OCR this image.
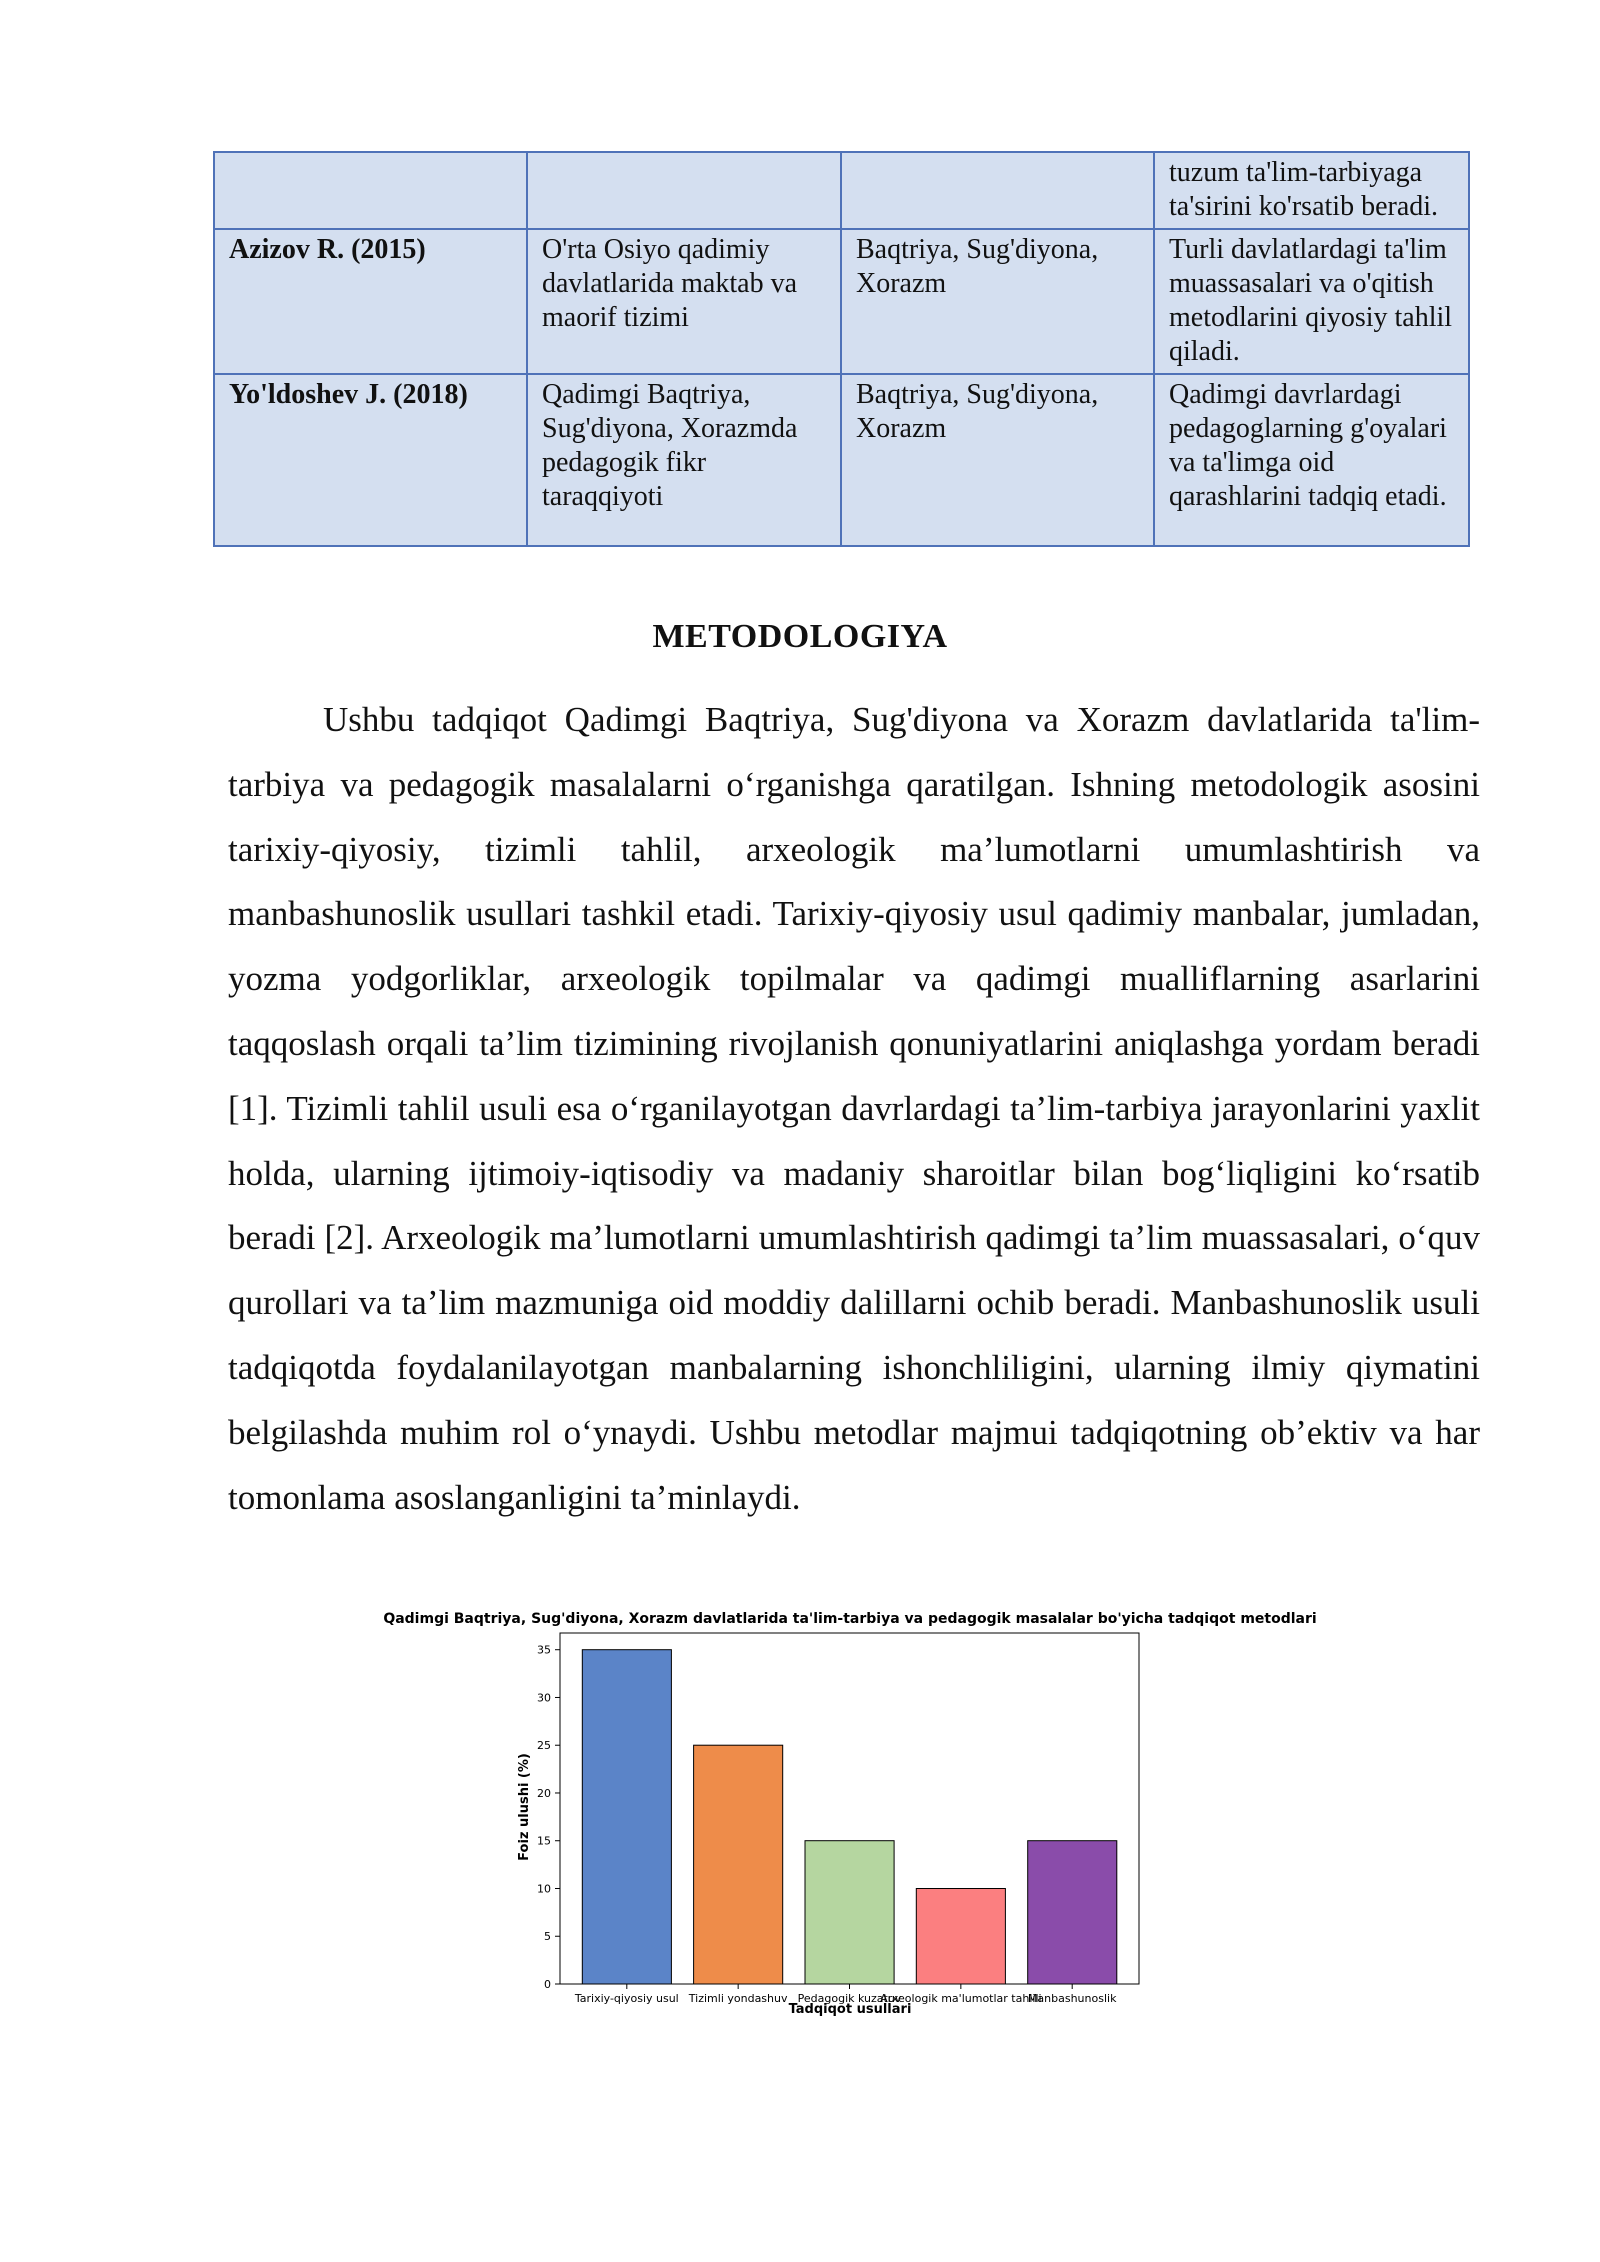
			tuzum ta'lim-tarbiyaga ta'sirini ko'rsatib beradi.
Azizov R. (2015)	O'rta Osiyo qadimiy davlatlarida maktab va maorif tizimi	Baqtriya, Sug'diyona, Xorazm	Turli davlatlardagi ta'lim muassasalari va o'qitish metodlarini qiyosiy tahlil qiladi.
Yo'ldoshev J. (2018)	Qadimgi Baqtriya, Sug'diyona, Xorazmda pedagogik fikr taraqqiyoti	Baqtriya, Sug'diyona, Xorazm	Qadimgi davrlardagi pedagoglarning g'oyalari va ta'limga oid qarashlarini tadqiq etadi.
METODOLOGIYA

Ushbu tadqiqot Qadimgi Baqtriya, Sug'diyona va Xorazm davlatlarida ta'lim-tarbiya va pedagogik masalalarni o‘rganishga qaratilgan. Ishning metodologik asosini tarixiy-qiyosiy, tizimli tahlil, arxeologik ma’lumotlarni umumlashtirish va manbashunoslik usullari tashkil etadi. Tarixiy-qiyosiy usul qadimiy manbalar, jumladan, yozma yodgorliklar, arxeologik topilmalar va qadimgi mualliflarning asarlarini taqqoslash orqali ta’lim tizimining rivojlanish qonuniyatlarini aniqlashga yordam beradi [1]. Tizimli tahlil usuli esa o‘rganilayotgan davrlardagi ta’lim-tarbiya jarayonlarini yaxlit holda, ularning ijtimoiy-iqtisodiy va madaniy sharoitlar bilan bog‘liqligini ko‘rsatib beradi [2]. Arxeologik ma’lumotlarni umumlashtirish qadimgi ta’lim muassasalari, o‘quv qurollari va ta’lim mazmuniga oid moddiy dalillarni ochib beradi. Manbashunoslik usuli tadqiqotda foydalanilayotgan manbalarning ishonchliligini, ularning ilmiy qiymatini belgilashda muhim rol o‘ynaydi. Ushbu metodlar majmui tadqiqotning ob’ektiv va har tomonlama asoslanganligini ta’minlaydi.

Qadimgi Baqtriya, Sug'diyona, Xorazm davlatlarida ta'lim-tarbiya va pedagogik masalalar bo'yicha tadqiqot metodlari
Foiz ulushi (%)
Tadqiqot usullari
Tarixiy-qiyosiy usul Tizimli yondashuv Pedagogik kuzatuv
Arxeologik ma'lumotlar tahlili
Manbashunoslik
0
5
10
15
20
25
30
35
